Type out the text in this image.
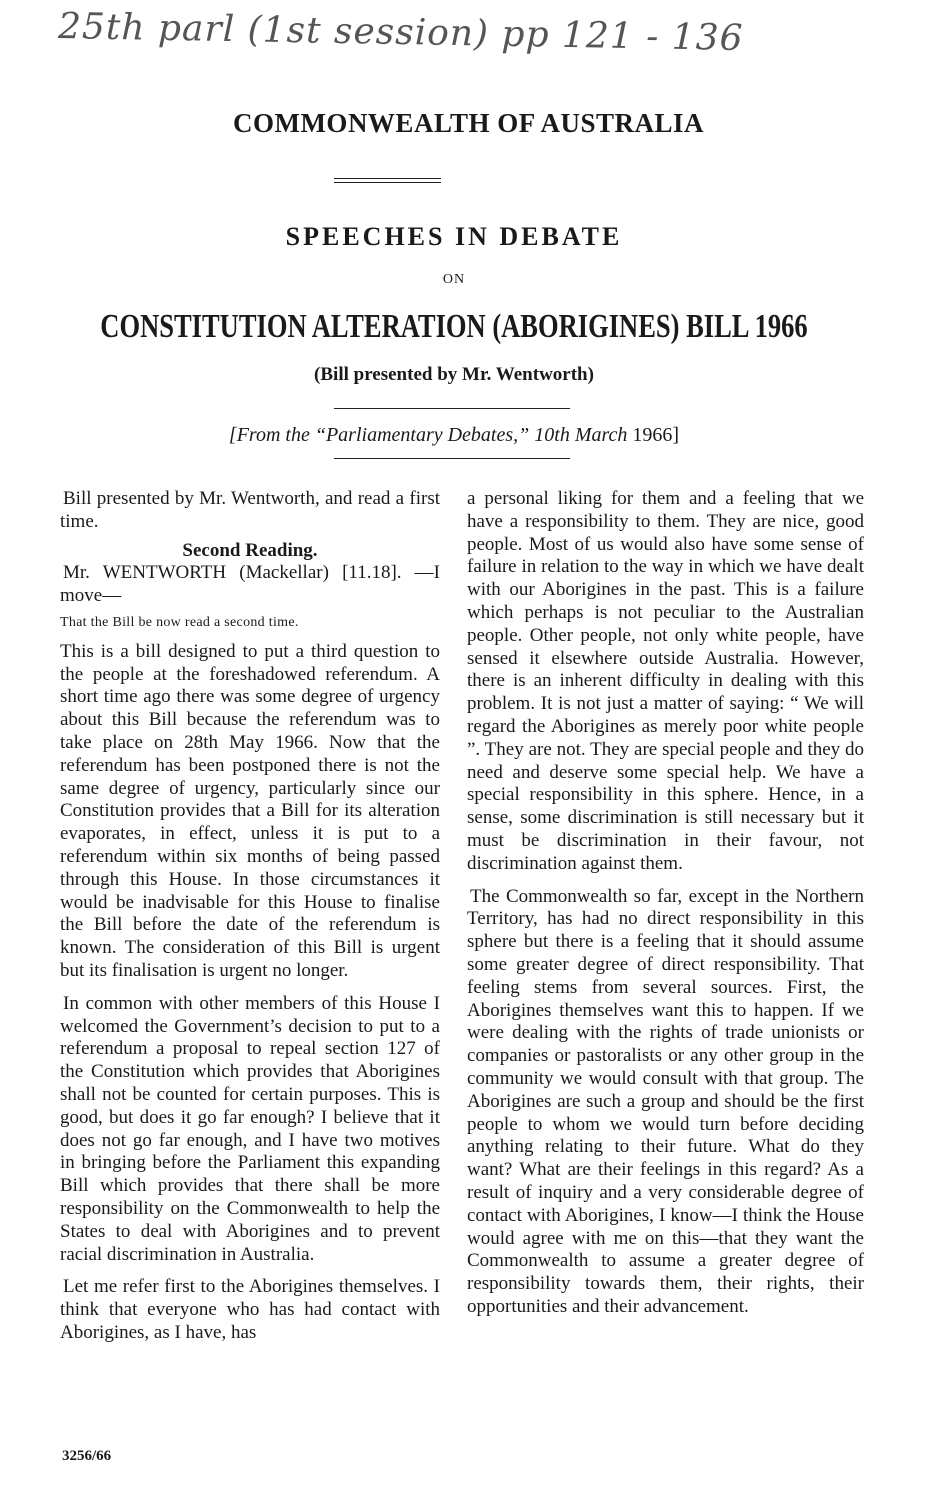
25th parl (1st session) pp 121 - 136
COMMONWEALTH OF AUSTRALIA
SPEECHES IN DEBATE
ON
CONSTITUTION ALTERATION (ABORIGINES) BILL 1966
(Bill presented by Mr. Wentworth)
[From the “Parliamentary Debates,” 10th March 1966]

Bill presented by Mr. Wentworth, and read a first time.

Second Reading.

Mr. WENTWORTH (Mackellar) [11.18]. —I move—

That the Bill be now read a second time.

This is a bill designed to put a third question to the people at the foreshadowed referendum. A short time ago there was some degree of urgency about this Bill because the referendum was to take place on 28th May 1966. Now that the referendum has been postponed there is not the same degree of urgency, particularly since our Constitution provides that a Bill for its alteration evaporates, in effect, unless it is put to a referendum within six months of being passed through this House. In those circumstances it would be inadvisable for this House to finalise the Bill before the date of the referendum is known. The consideration of this Bill is urgent but its finalisation is urgent no longer.

In common with other members of this House I welcomed the Government’s decision to put to a referendum a proposal to repeal section 127 of the Constitution which provides that Aborigines shall not be counted for certain purposes. This is good, but does it go far enough? I believe that it does not go far enough, and I have two motives in bringing before the Parliament this expanding Bill which provides that there shall be more responsibility on the Commonwealth to help the States to deal with Aborigines and to prevent racial discrimination in Australia.

Let me refer first to the Aborigines themselves. I think that everyone who has had contact with Aborigines, as I have, has

a personal liking for them and a feeling that we have a responsibility to them. They are nice, good people. Most of us would also have some sense of failure in relation to the way in which we have dealt with our Aborigines in the past. This is a failure which perhaps is not peculiar to the Australian people. Other people, not only white people, have sensed it elsewhere outside Australia. However, there is an inherent difficulty in dealing with this problem. It is not just a matter of saying: “ We will regard the Aborigines as merely poor white people ”. They are not. They are special people and they do need and deserve some special help. We have a special responsibility in this sphere. Hence, in a sense, some discrimination is still necessary but it must be discrimination in their favour, not discrimination against them.

The Commonwealth so far, except in the Northern Territory, has had no direct responsibility in this sphere but there is a feeling that it should assume some greater degree of direct responsibility. That feeling stems from several sources. First, the Aborigines themselves want this to happen. If we were dealing with the rights of trade unionists or companies or pastoralists or any other group in the community we would consult with that group. The Aborigines are such a group and should be the first people to whom we would turn before deciding anything relating to their future. What do they want? What are their feelings in this regard? As a result of inquiry and a very considerable degree of contact with Aborigines, I know—I think the House would agree with me on this—that they want the Commonwealth to assume a greater degree of responsibility towards them, their rights, their opportunities and their advancement.

3256/66
